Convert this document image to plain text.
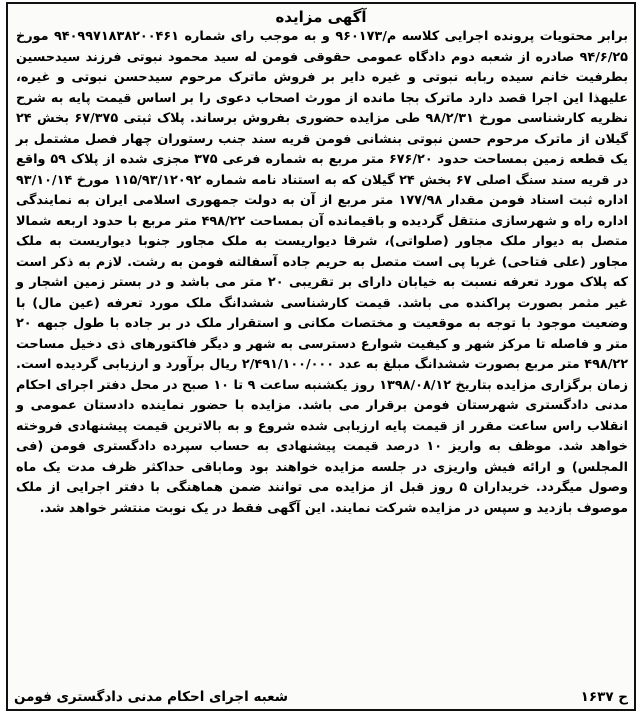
آگهی مزایده

برابر محتویات پرونده اجرایی کلاسه م/۹۶۰۱۷۳ و به موجب رای شماره ۹۴۰۹۹۷۱۸۳۸۲۰۰۴۶۱ مورخ ۹۴/۶/۲۵ صادره از شعبه دوم دادگاه عمومی حقوقی فومن له سید محمود نبوتی فرزند سیدحسین بطرفیت خانم سیده ربابه نبوتی و غیره دایر بر فروش ماترک مرحوم سیدحسن نبوتی و غیره، علیهذا این اجرا قصد دارد ماترک بجا مانده از مورث اصحاب دعوی را بر اساس قیمت پایه به شرح نظریه کارشناسی مورخ ۹۸/۲/۳۱ طی مزایده حضوری بفروش برساند. پلاک ثبتی ۶۷/۳۷۵ بخش ۲۴ گیلان از ماترک مرحوم حسن نبوتی بنشانی فومن قریه سند جنب رستوران چهار فصل مشتمل بر یک قطعه زمین بمساحت حدود ۶۷۶/۲۰ متر مربع به شماره فرعی ۳۷۵ مجزی شده از پلاک ۵۹ واقع در قریه سند سنگ اصلی ۶۷ بخش ۲۴ گیلان که به استناد نامه شماره ۱۱۵/۹۳/۱۲۰۹۲ مورخ ۹۳/۱۰/۱۴ اداره ثبت اسناد فومن مقدار ۱۷۷/۹۸ متر مربع از آن به دولت جمهوری اسلامی ایران به نمایندگی اداره راه و شهرسازی منتقل گردیده و باقیمانده آن بمساحت ۴۹۸/۲۲ متر مربع با حدود اربعه شمالا متصل به دیوار ملک مجاور (صلواتی)، شرقا دیواریست به ملک مجاور جنوبا دیواریست به ملک مجاور (علی فتاحی) غربا پی است متصل به حریم جاده آسفالته فومن به رشت. لازم به ذکر است که پلاک مورد تعرفه نسبت به خیابان دارای بر تقریبی ۲۰ متر می باشد و در بستر زمین اشجار و غیر مثمر بصورت پراکنده می باشد. قیمت کارشناسی ششدانگ ملک مورد تعرفه (عین مال) با وضعیت موجود با توجه به موقعیت و مختصات مکانی و استقرار ملک در بر جاده با طول جبهه ۲۰ متر و فاصله تا مرکز شهر و کیفیت شوارع دسترسی به شهر و دیگر فاکتورهای ذی دخیل مساحت ۴۹۸/۲۲ متر مربع بصورت ششدانگ مبلغ به عدد ۲/۴۹۱/۱۰۰/۰۰۰ ریال برآورد و ارزیابی گردیده است. زمان برگزاری مزایده بتاریخ ۱۳۹۸/۰۸/۱۲ روز یکشنبه ساعت ۹ تا ۱۰ صبح در محل دفتر اجرای احکام مدنی دادگستری شهرستان فومن برقرار می باشد. مزایده با حضور نماینده دادستان عمومی و انقلاب راس ساعت مقرر از قیمت پایه ارزیابی شده شروع و به بالاترین قیمت پیشنهادی فروخته خواهد شد. موظف به واریز ۱۰ درصد قیمت پیشنهادی به حساب سپرده دادگستری فومن (فی المجلس) و ارائه فیش واریزی در جلسه مزایده خواهند بود وماباقی حداکثر ظرف مدت یک ماه وصول میگردد. خریداران ۵ روز قبل از مزایده می توانند ضمن هماهنگی با دفتر اجرایی از ملک موصوف بازدید و سپس در مزایده شرکت نمایند. این آگهی فقط در یک نوبت منتشر خواهد شد.

ح ۱۶۳۷
شعبه اجرای احکام مدنی دادگستری فومن
